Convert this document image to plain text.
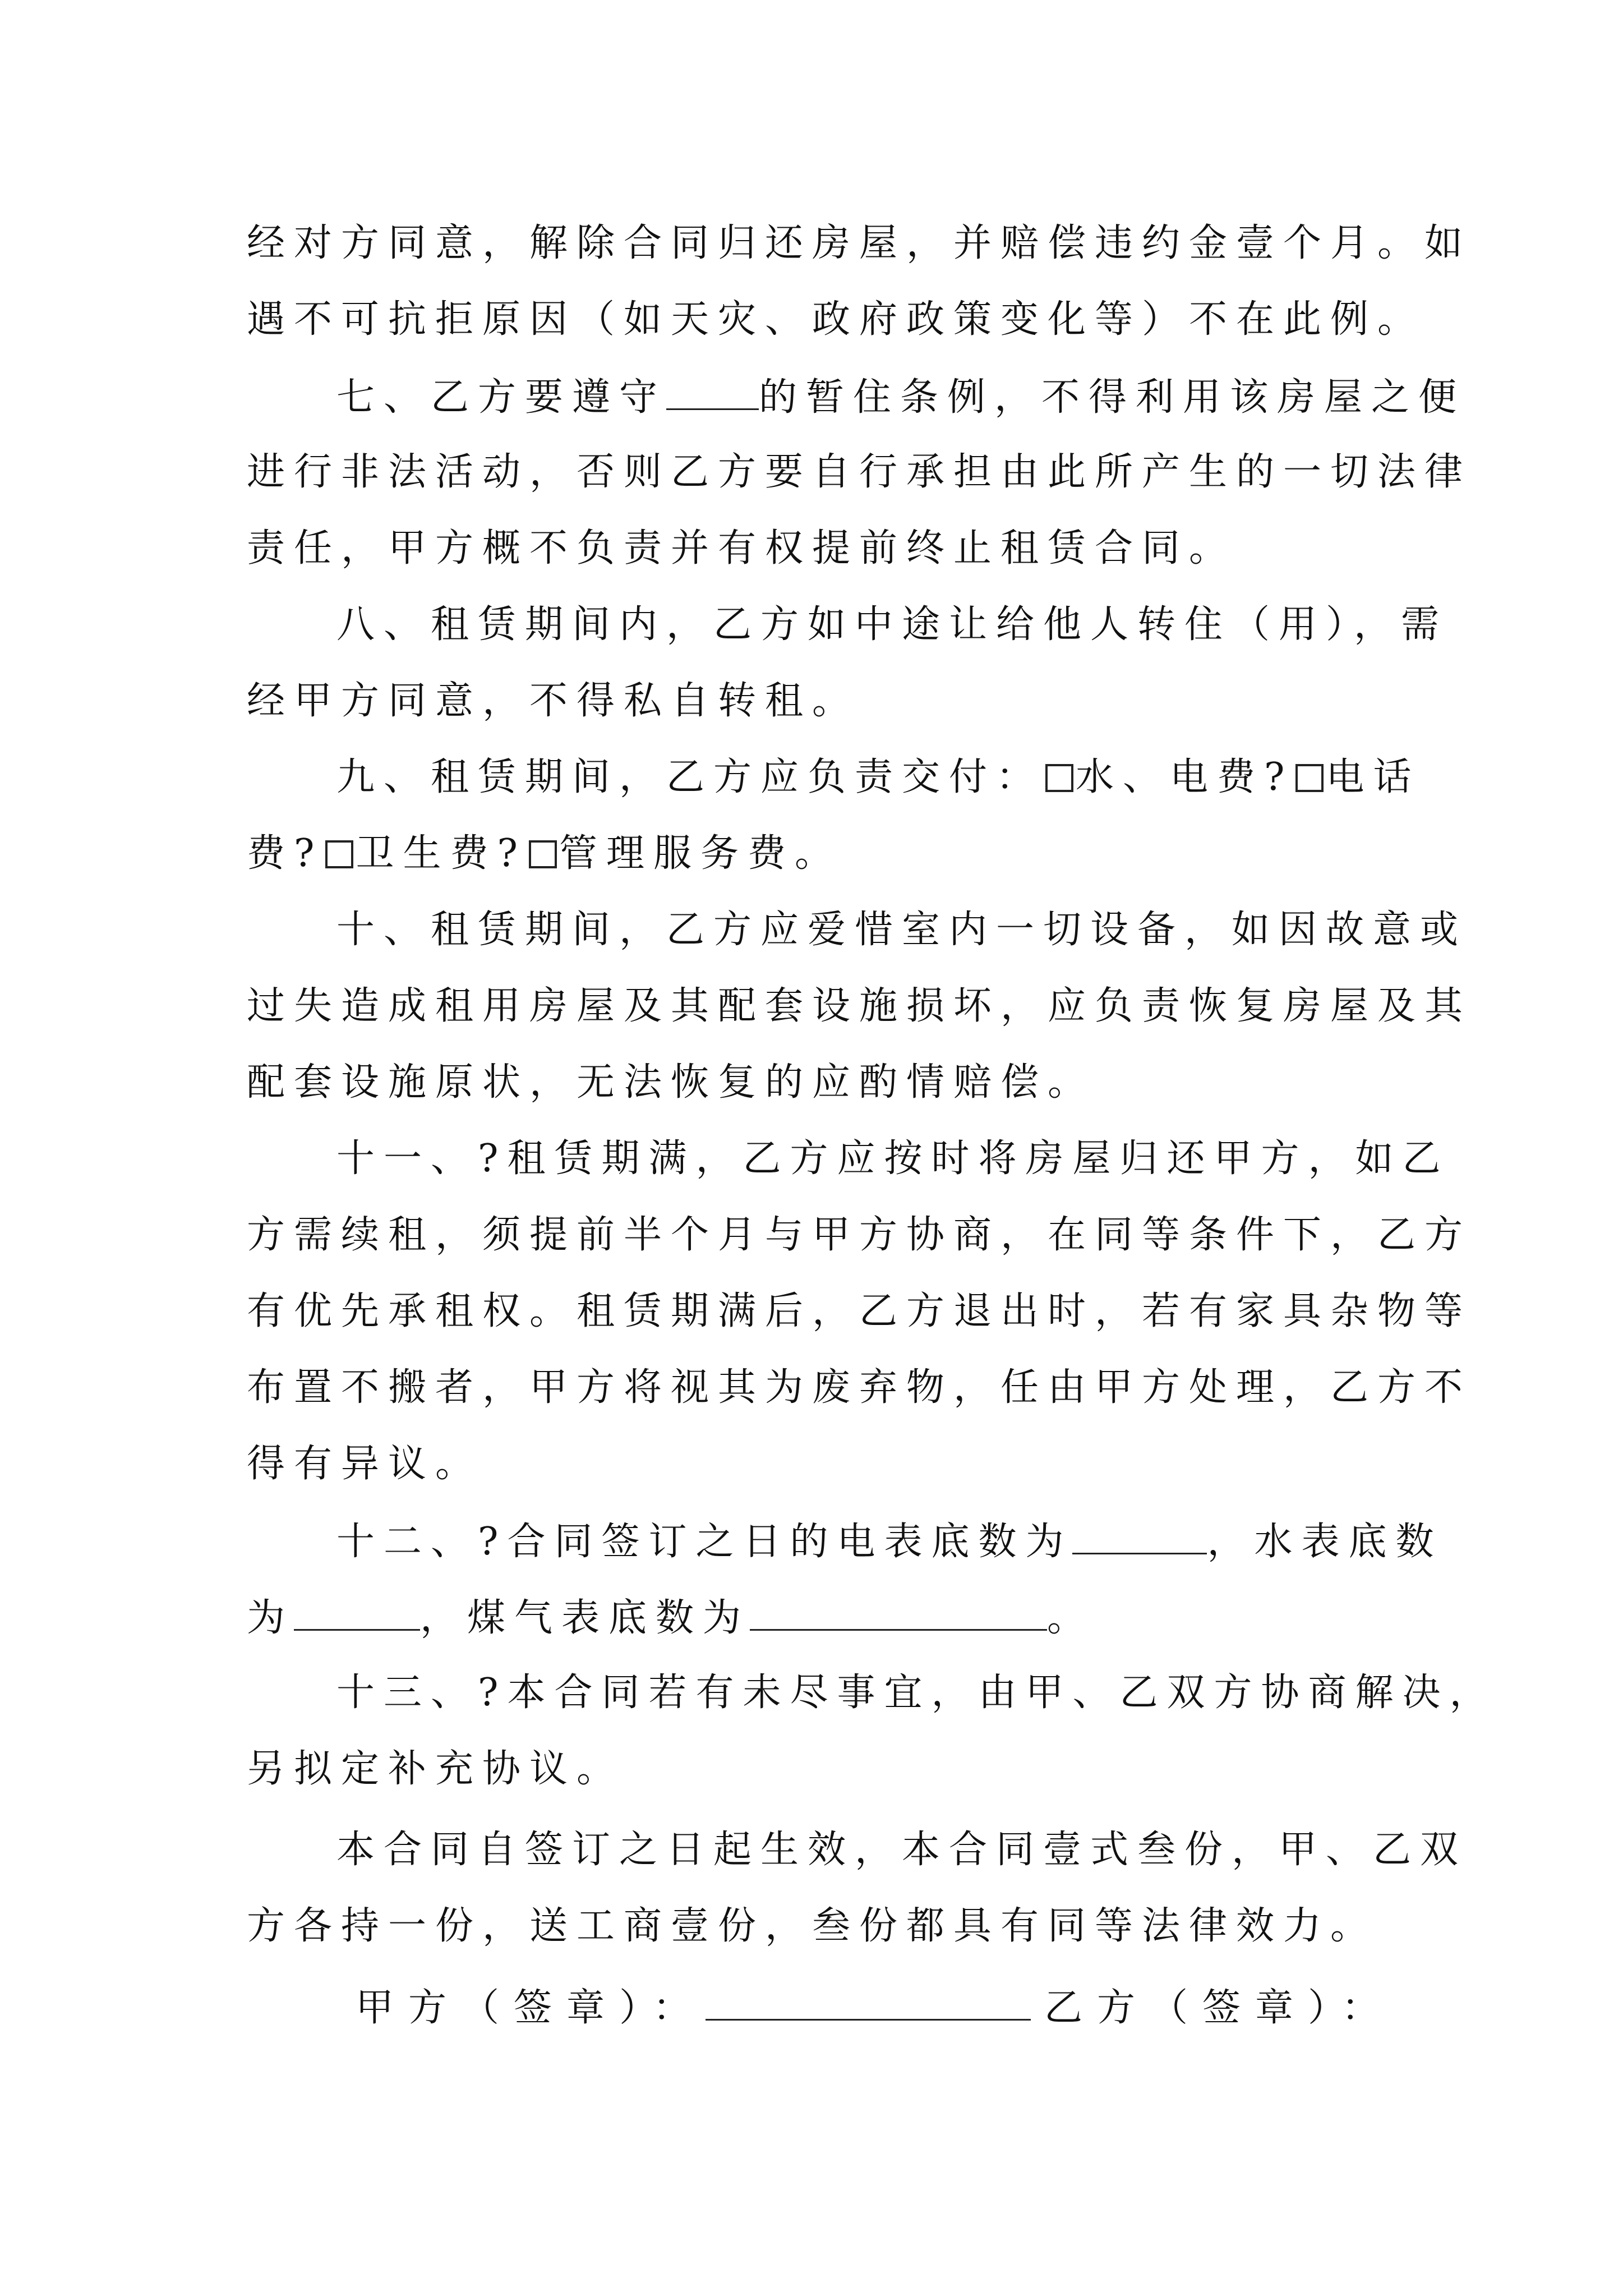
经对方同意，解除合同归还房屋，并赔偿违约金壹个月。如
遇不可抗拒原因（如天灾、政府政策变化等）不在此例。
七、乙方要遵守 的暂住条例，不得利用该房屋之便
进行非法活动，否则乙方要自行承担由此所产生的一切法律
责任，甲方概不负责并有权提前终止租赁合同。
八、租赁期间内，乙方如中途让给他人转住（用），需
经甲方同意，不得私自转租。
九、租赁期间，乙方应负责交付： 水、电费? 电话
费? 卫生费? 管理服务费。
十、租赁期间，乙方应爱惜室内一切设备，如因故意或
过失造成租用房屋及其配套设施损坏，应负责恢复房屋及其
配套设施原状，无法恢复的应酌情赔偿。
十一、?租赁期满，乙方应按时将房屋归还甲方，如乙
方需续租，须提前半个月与甲方协商，在同等条件下，乙方
有优先承租权。租赁期满后，乙方退出时，若有家具杂物等
布置不搬者，甲方将视其为废弃物，任由甲方处理，乙方不
得有异议。
十二、?合同签订之日的电表底数为	，水表底数
为	，煤气表底数为	。
十三、?本合同若有未尽事宜，由甲、乙双方协商解决，
另拟定补充协议。
本合同自签订之日起生效，本合同壹式叁份，甲、乙双
方各持一份，送工商壹份，叁份都具有同等法律效力。
甲方（签章）：	乙方（签章）：
